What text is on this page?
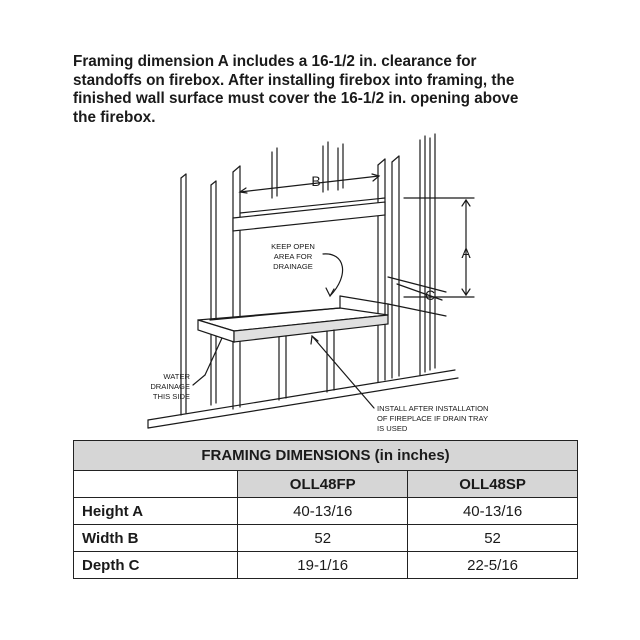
Framing dimension A includes a 16-1/2 in. clearance for
standoffs on firebox. After installing firebox into framing, the
finished wall surface must cover the 16-1/2 in. opening above
the firebox.

B
A
C
KEEP OPEN
AREA FOR
DRAINAGE
WATER
DRAINAGE
THIS SIDE
INSTALL AFTER INSTALLATION
OF FIREPLACE IF DRAIN TRAY
IS USED
FRAMING DIMENSIONS (in inches)		
	OLL48FP	OLL48SP
Height A	40-13/16	40-13/16
Width B	52	52
Depth C	19-1/16	22-5/16
